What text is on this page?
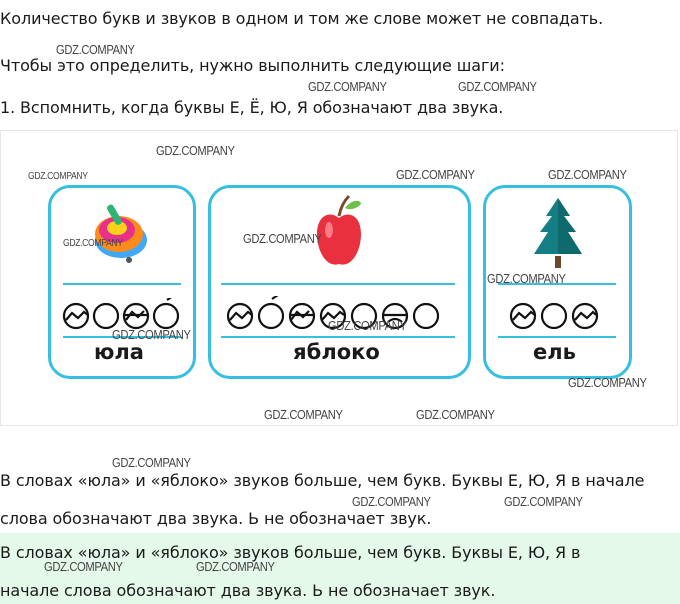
Количество букв и звуков в одном и том же слове может не совпадать.
Чтобы это определить, нужно выполнить следующие шаги:
1. Вспомнить, когда буквы Е, Ё, Ю, Я обозначают два звука.
юла	яблоко	ель
В словах «юла» и «яблоко» звуков больше, чем букв. Буквы Е, Ю, Я в начале
слова обозначают два звука. Ь не обозначает звук.
В словах «юла» и «яблоко» звуков больше, чем букв. Буквы Е, Ю, Я в
начале слова обозначают два звука. Ь не обозначает звук.
GDZ.COMPANY
GDZ.COMPANY	GDZ.COMPANY
GDZ.COMPANY
GDZ.COMPANY	GDZ.COMPANY	GDZ.COMPANY
GDZ.COMPANY
GDZ.COMPANY
GDZ.COMPANY
GDZ.COMPANY
GDZ.COMPANY
GDZ.COMPANY
GDZ.COMPANY	GDZ.COMPANY
GDZ.COMPANY
GDZ.COMPANY	GDZ.COMPANY
GDZ.COMPANY	GDZ.COMPANY
